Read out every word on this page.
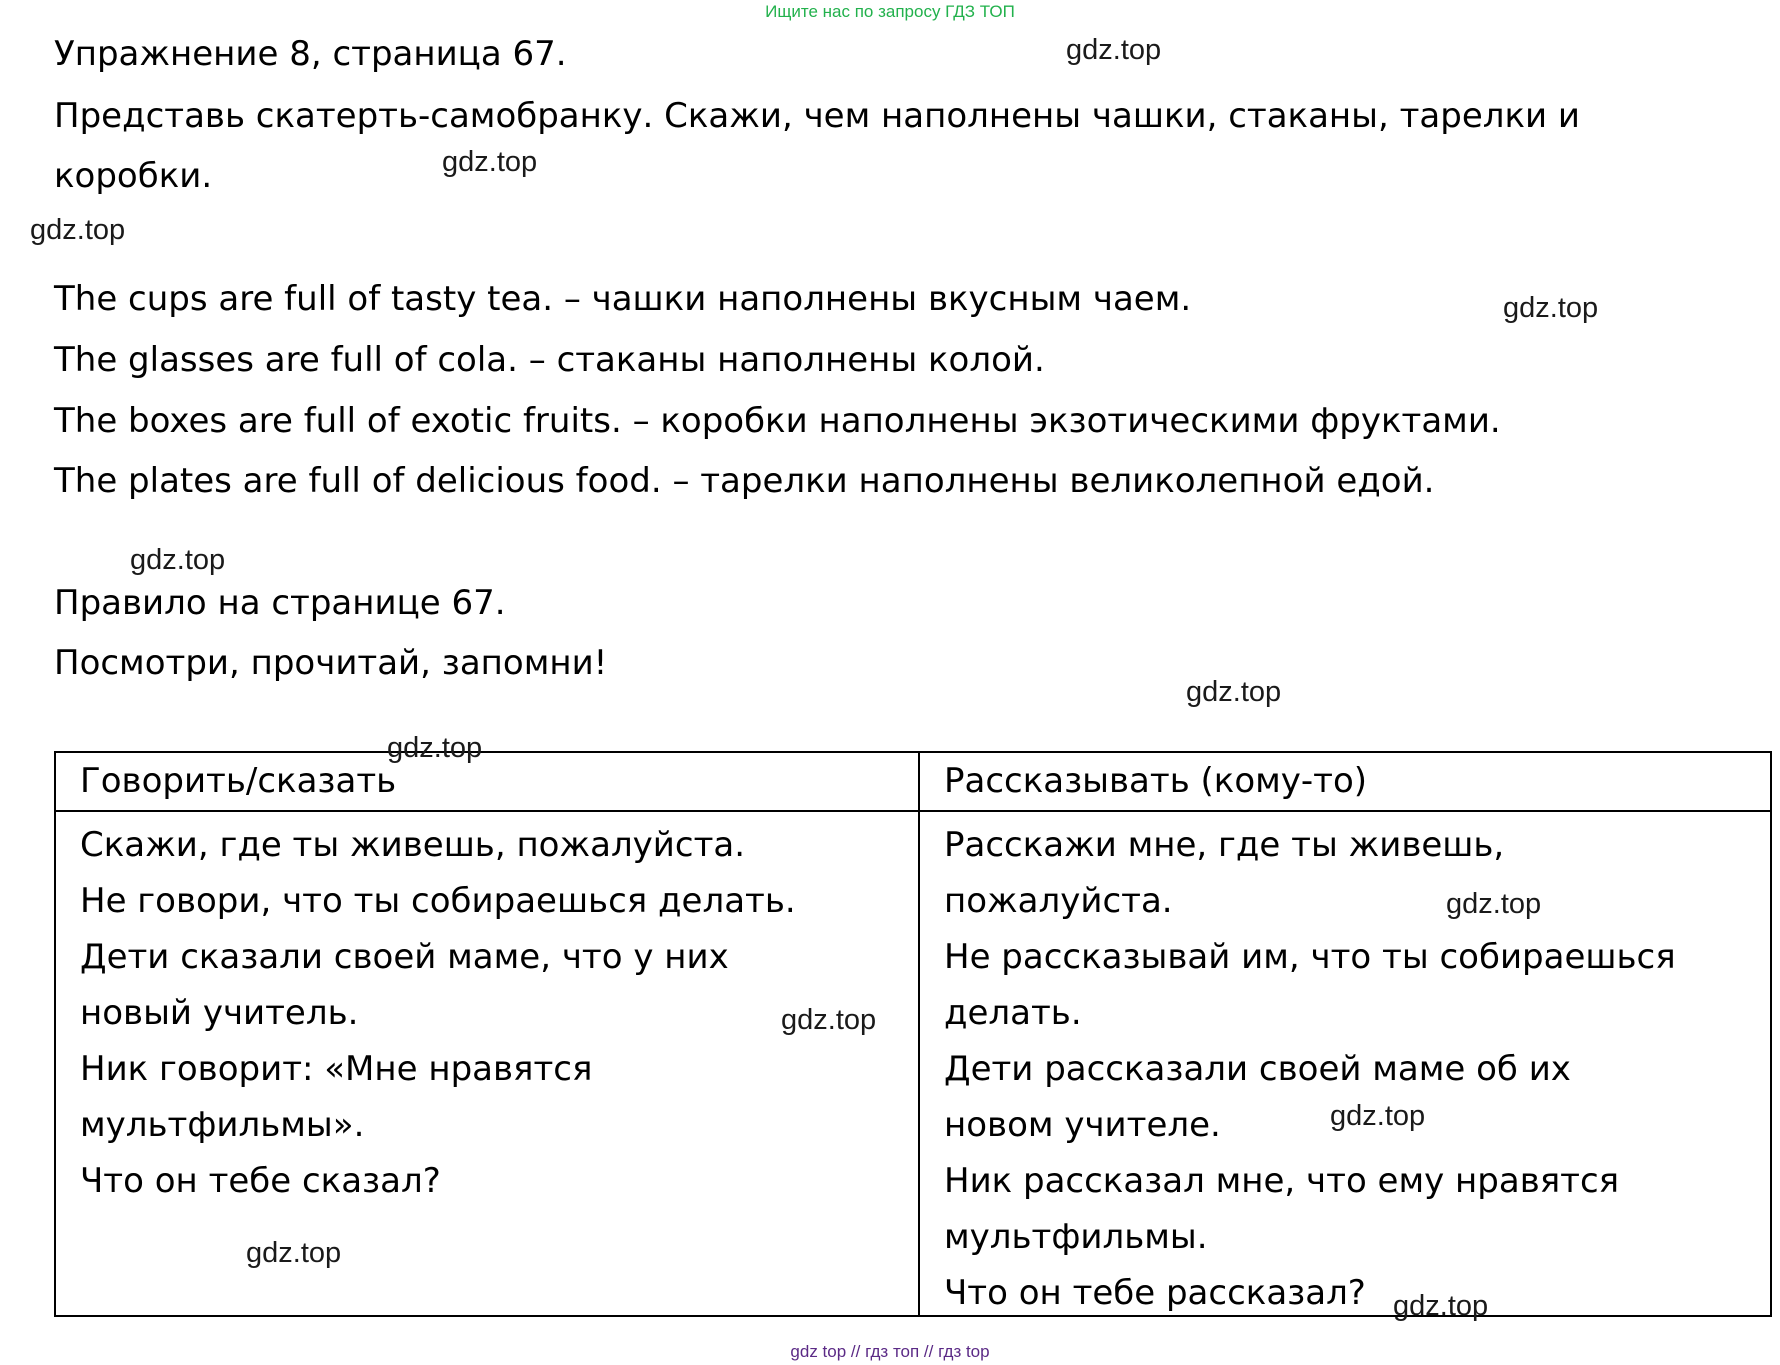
Ищите нас по запросу ГДЗ ТОП
Упражнение 8, страница 67.
Представь скатерть-самобранку. Скажи, чем наполнены чашки, стаканы, тарелки и
коробки.
The cups are full of tasty tea. – чашки наполнены вкусным чаем.
The glasses are full of cola. – стаканы наполнены колой.
The boxes are full of exotic fruits. – коробки наполнены экзотическими фруктами.
The plates are full of delicious food. – тарелки наполнены великолепной едой.
Правило на странице 67.
Посмотри, прочитай, запомни!
Говорить/сказать	Рассказывать (кому-то)
Скажи, где ты живешь, пожалуйста.
Не говори, что ты собираешься делать.
Дети сказали своей маме, что у них
новый учитель.
Ник говорит: «Мне нравятся
мультфильмы».
Что он тебе сказал?
Расскажи мне, где ты живешь,
пожалуйста.
Не рассказывай им, что ты собираешься
делать.
Дети рассказали своей маме об их
новом учителе.
Ник рассказал мне, что ему нравятся
мультфильмы.
Что он тебе рассказал?
gdz.top
gdz.top
gdz.top
gdz.top
gdz.top
gdz.top
gdz.top
gdz.top
gdz.top
gdz.top
gdz.top
gdz.top
gdz top // гдз топ // гдз top
